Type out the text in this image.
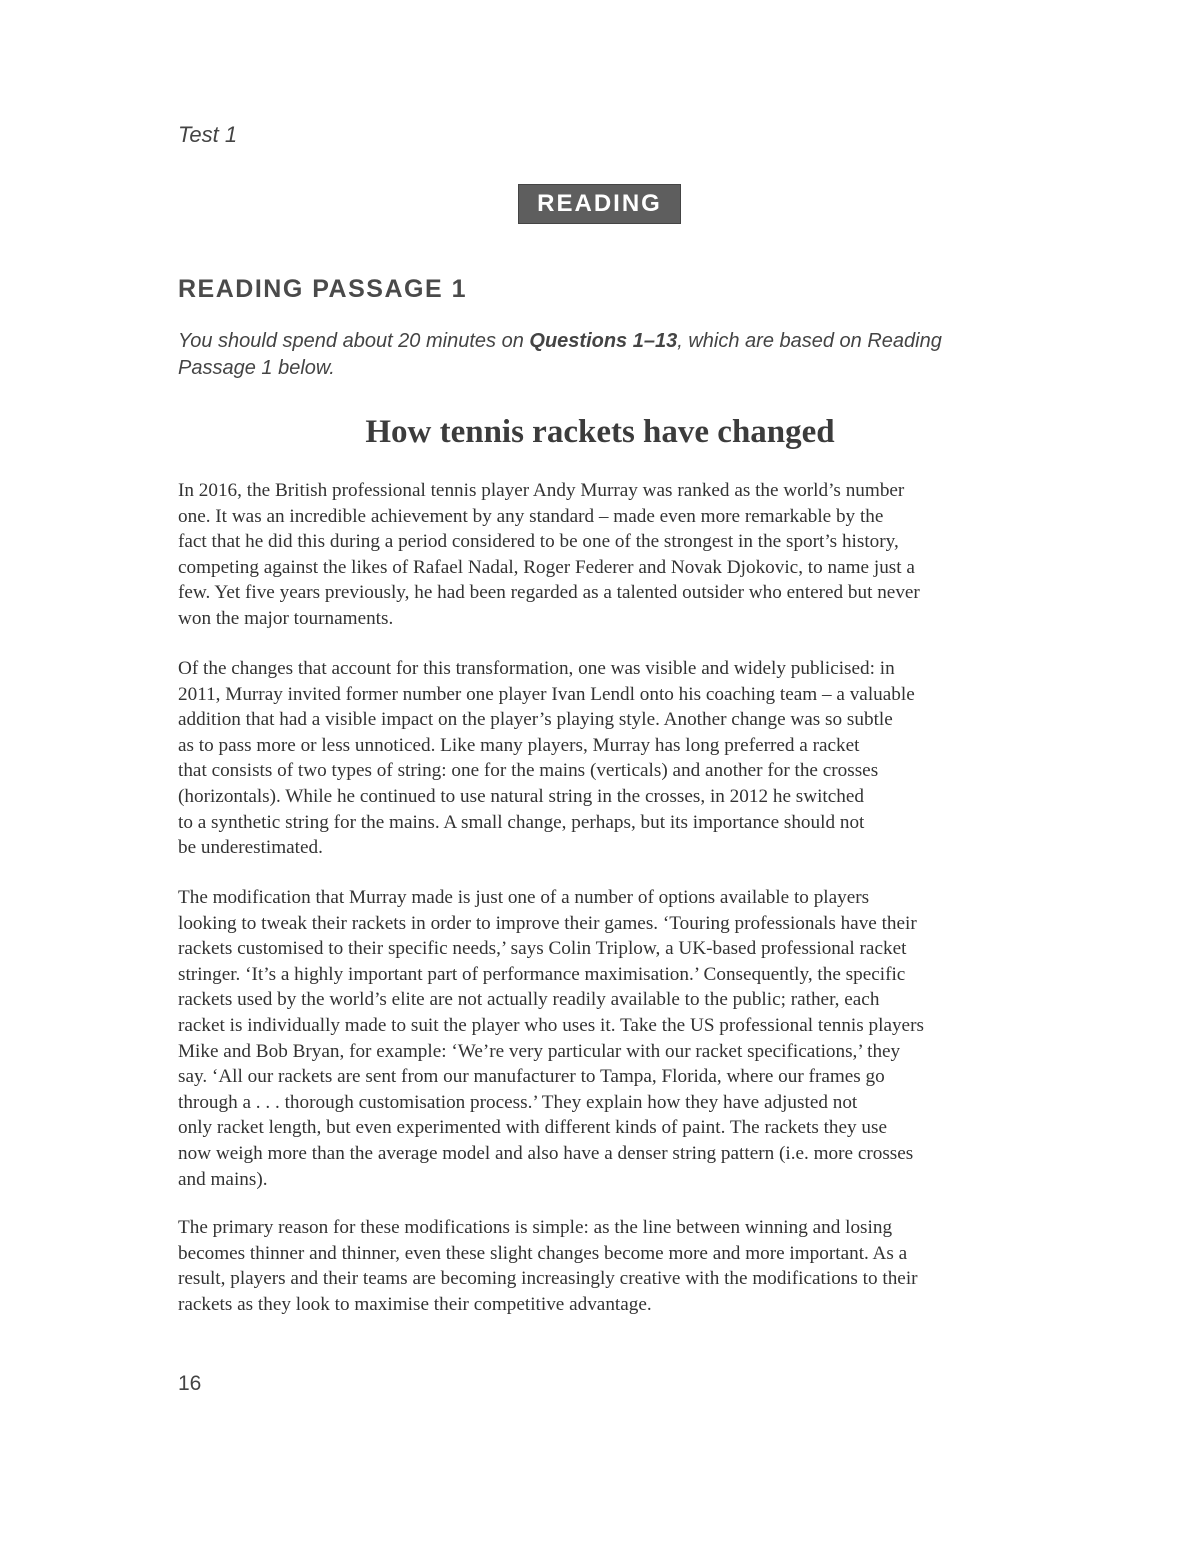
Test 1
READING
READING PASSAGE 1
You should spend about 20 minutes on Questions 1–13, which are based on Reading
Passage 1 below.
How tennis rackets have changed
In 2016, the British professional tennis player Andy Murray was ranked as the world’s number
one. It was an incredible achievement by any standard – made even more remarkable by the
fact that he did this during a period considered to be one of the strongest in the sport’s history,
competing against the likes of Rafael Nadal, Roger Federer and Novak Djokovic, to name just a
few. Yet five years previously, he had been regarded as a talented outsider who entered but never
won the major tournaments.
Of the changes that account for this transformation, one was visible and widely publicised: in
2011, Murray invited former number one player Ivan Lendl onto his coaching team – a valuable
addition that had a visible impact on the player’s playing style. Another change was so subtle
as to pass more or less unnoticed. Like many players, Murray has long preferred a racket
that consists of two types of string: one for the mains (verticals) and another for the crosses
(horizontals). While he continued to use natural string in the crosses, in 2012 he switched
to a synthetic string for the mains. A small change, perhaps, but its importance should not
be underestimated.
The modification that Murray made is just one of a number of options available to players
looking to tweak their rackets in order to improve their games. ‘Touring professionals have their
rackets customised to their specific needs,’ says Colin Triplow, a UK-based professional racket
stringer. ‘It’s a highly important part of performance maximisation.’ Consequently, the specific
rackets used by the world’s elite are not actually readily available to the public; rather, each
racket is individually made to suit the player who uses it. Take the US professional tennis players
Mike and Bob Bryan, for example: ‘We’re very particular with our racket specifications,’ they
say. ‘All our rackets are sent from our manufacturer to Tampa, Florida, where our frames go
through a . . . thorough customisation process.’ They explain how they have adjusted not
only racket length, but even experimented with different kinds of paint. The rackets they use
now weigh more than the average model and also have a denser string pattern (i.e. more crosses
and mains).
The primary reason for these modifications is simple: as the line between winning and losing
becomes thinner and thinner, even these slight changes become more and more important. As a
result, players and their teams are becoming increasingly creative with the modifications to their
rackets as they look to maximise their competitive advantage.
16
